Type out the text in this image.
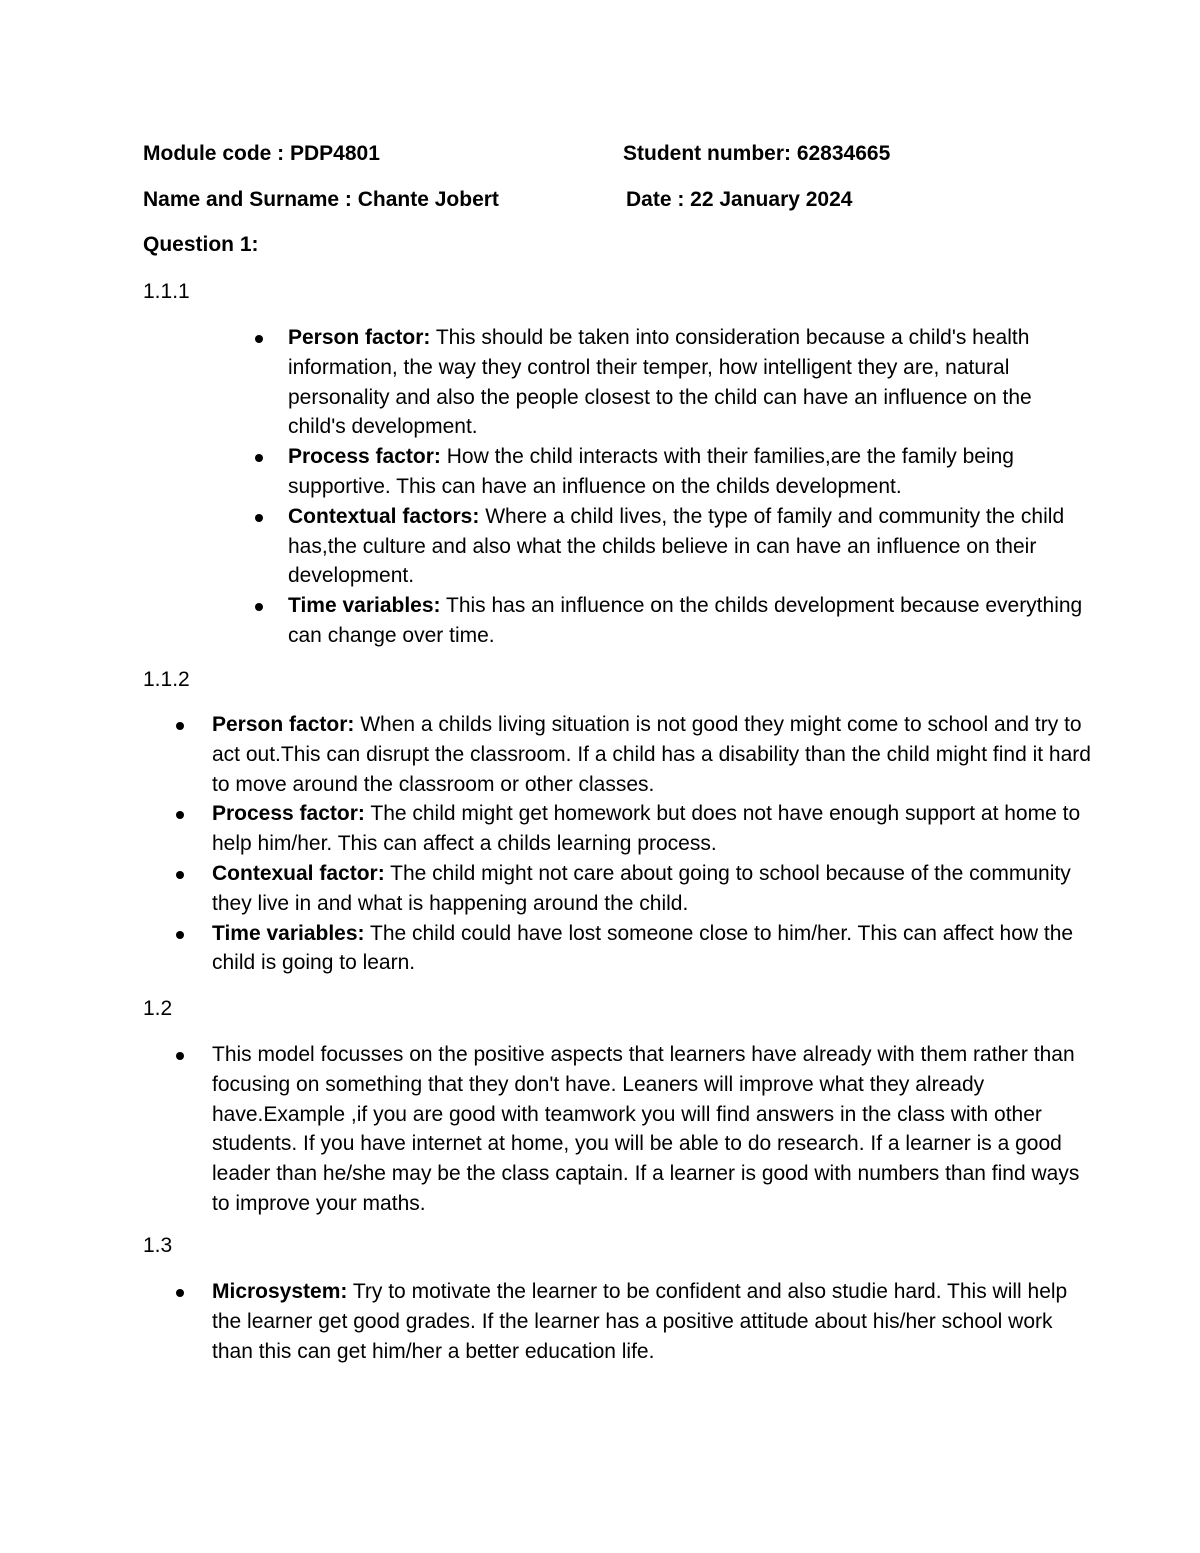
Module code : PDP4801	Student number: 62834665
Name and Surname : Chante Jobert	Date : 22 January 2024
Question 1:
1.1.1
Person factor: This should be taken into consideration because a child's health information, the way they control their temper, how intelligent they are, natural personality and also the people closest to the child can have an influence on the child's development.
Process factor: How the child interacts with their families,are the family being supportive. This can have an influence on the childs development.
Contextual factors: Where a child lives, the type of family and community the child has,the culture and also what the childs believe in can have an influence on their development.
Time variables: This has an influence on the childs development because everything can change over time.
1.1.2
Person factor: When a childs living situation is not good they might come to school and try to act out.This can disrupt the classroom. If a child has a disability than the child might find it hard to move around the classroom or other classes.
Process factor: The child might get homework but does not have enough support at home to help him/her. This can affect a childs learning process.
Contexual factor: The child might not care about going to school because of the community they live in and what is happening around the child.
Time variables: The child could have lost someone close to him/her. This can affect how the child is going to learn.
1.2
This model focusses on the positive aspects that learners have already with them rather than focusing on something that they don't have. Leaners will improve what they already have.Example ,if you are good with teamwork you will find answers in the class with other students. If you have internet at home, you will be able to do research. If a learner is a good leader than he/she may be the class captain. If a learner is good with numbers than find ways to improve your maths.
1.3
Microsystem: Try to motivate the learner to be confident and also studie hard. This will help the learner get good grades. If the learner has a positive attitude about his/her school work than this can get him/her a better education life.
